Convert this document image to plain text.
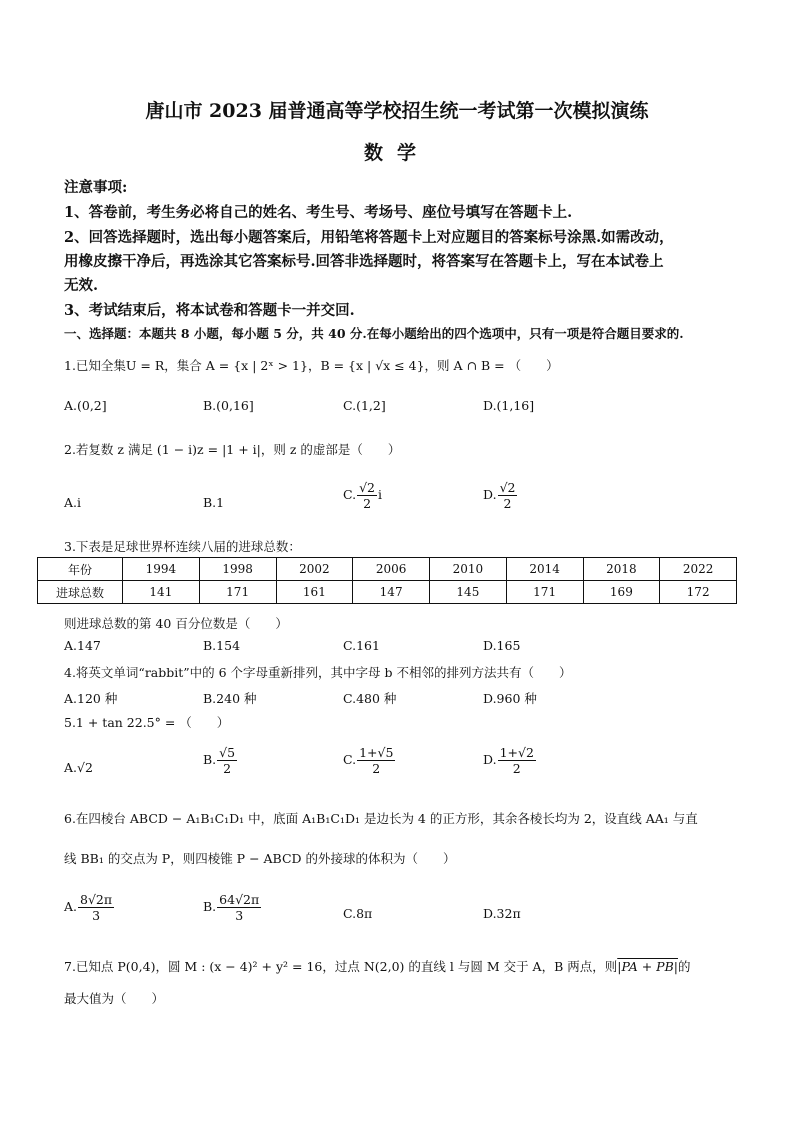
唐山市 2023 届普通高等学校招生统一考试第一次模拟演练
数学
注意事项:
1、答卷前，考生务必将自己的姓名、考生号、考场号、座位号填写在答题卡上.
2、回答选择题时，选出每小题答案后，用铅笔将答题卡上对应题目的答案标号涂黑.如需改动，
用橡皮擦干净后，再选涂其它答案标号.回答非选择题时，将答案写在答题卡上，写在本试卷上
无效.
3、考试结束后，将本试卷和答题卡一并交回.
一、选择题：本题共 8 小题，每小题 5 分，共 40 分.在每小题给出的四个选项中，只有一项是符合题目要求的.
1.已知全集U = R，集合 A = {x | 2ˣ > 1}，B = {x | √x ≤ 4}，则 A ∩ B = （　　）
A.(0,2]	B.(0,16]	C.(1,2]	D.(1,16]
2.若复数 z 满足 (1 − i)z = |1 + i|，则 z 的虚部是（　　）
A.i	B.1
C. $\frac{√2}{2}$ i	D. $\frac{√2}{2}$
3.下表是足球世界杯连续八届的进球总数：
年份	1994	1998	2002	2006	2010	2014	2018	2022
进球总数	141	171	161	147	145	171	169	172
则进球总数的第 40 百分位数是（　　）
A.147	B.154	C.161	D.165
4.将英文单词“rabbit”中的 6 个字母重新排列，其中字母 b 不相邻的排列方法共有（　　）
A.120 种	B.240 种	C.480 种	D.960 种
5.1 + tan 22.5° = （　　）
A.√2
B. $\frac{√5}{2}$	C. $\frac{1+√5}{2}$	D. $\frac{1+√2}{2}$
6.在四棱台 ABCD − A₁B₁C₁D₁ 中，底面 A₁B₁C₁D₁ 是边长为 4 的正方形，其余各棱长均为 2，设直线 AA₁ 与直
线 BB₁ 的交点为 P，则四棱锥 P − ABCD 的外接球的体积为（　　）
A. $\frac{8√2\pi}{3}$	B. $\frac{64√2\pi}{3}$	C.8π	D.32π
7.已知点 P(0,4)，圆 M : (x − 4)² + y² = 16，过点 N(2,0) 的直线 l 与圆 M 交于 A，B 两点，则|PA + PB|的
最大值为（　　）
